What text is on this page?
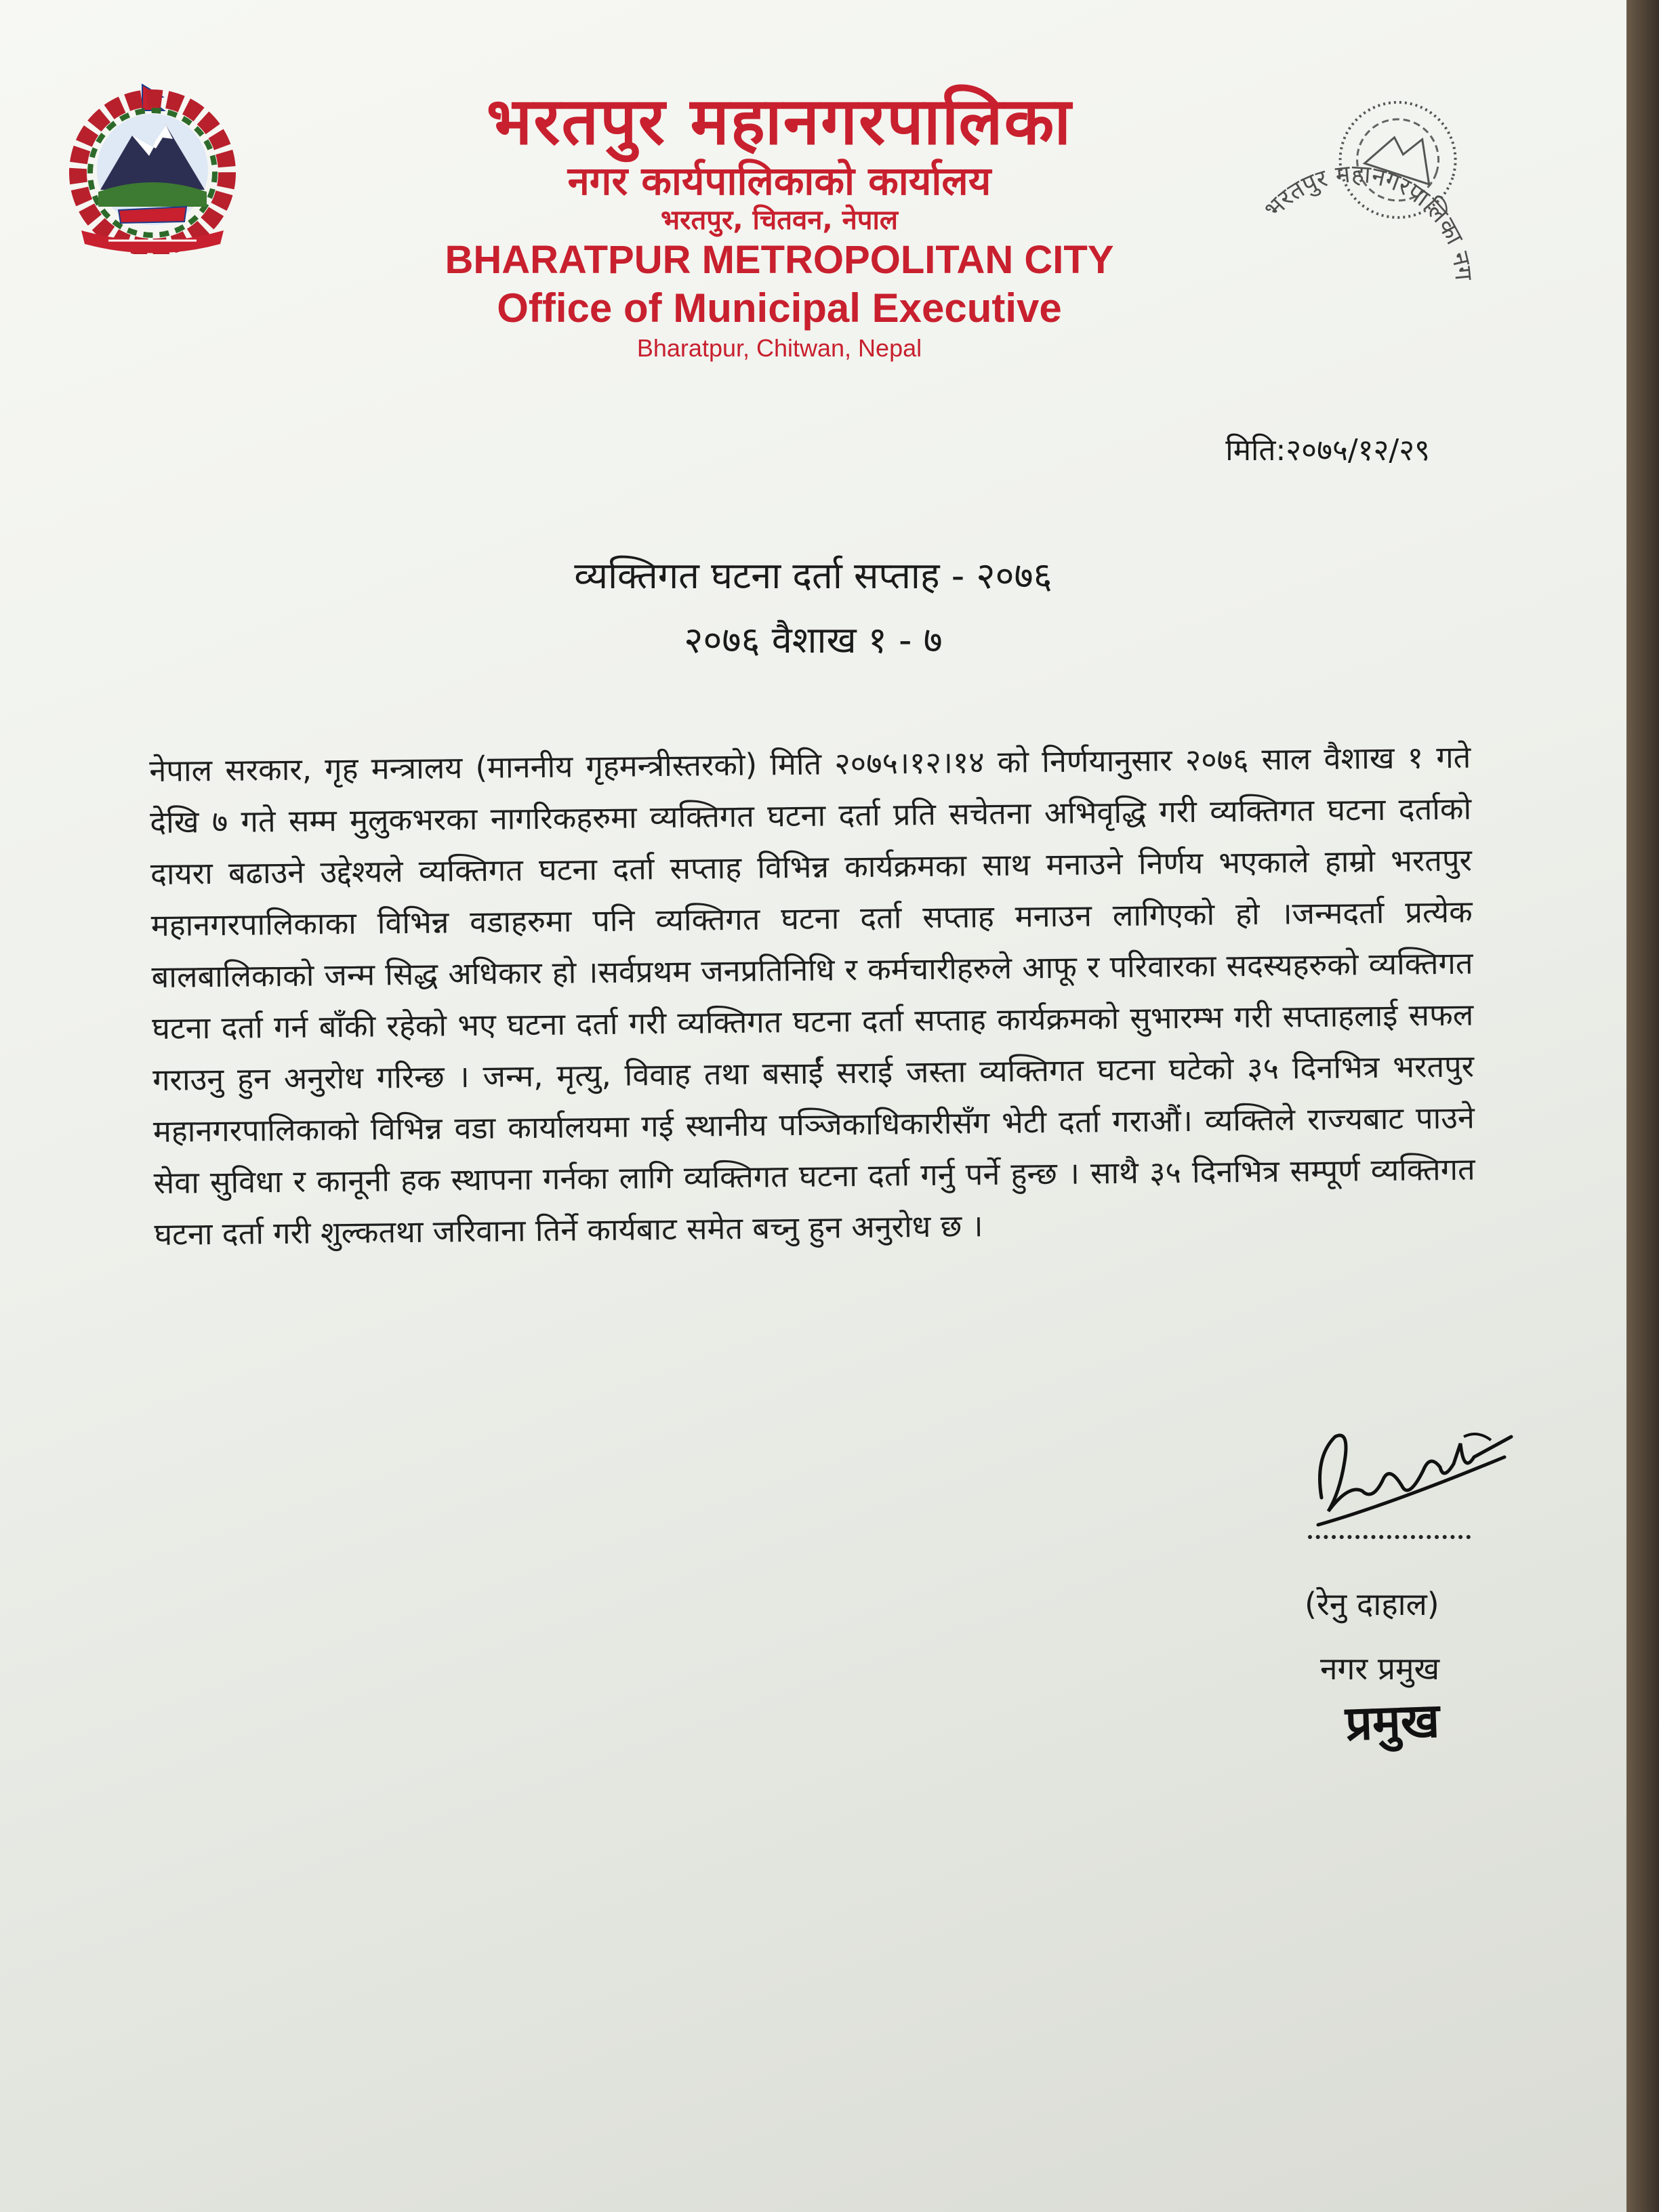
भरतपुर महानगरपालिका
नगर कार्यपालिकाको कार्यालय
भरतपुर, चितवन, नेपाल
BHARATPUR METROPOLITAN CITY
Office of Municipal Executive
Bharatpur, Chitwan, Nepal
भरतपुर महानगरपालिका नगर
मिति:२०७५/१२/२९
व्यक्तिगत घटना दर्ता सप्ताह - २०७६
२०७६ वैशाख १ - ७
नेपाल सरकार, गृह मन्त्रालय (माननीय गृहमन्त्रीस्तरको) मिति २०७५।१२।१४ को निर्णयानुसार २०७६ साल वैशाख १ गते देखि ७ गते सम्म मुलुकभरका नागरिकहरुमा व्यक्तिगत घटना दर्ता प्रति सचेतना अभिवृद्धि गरी व्यक्तिगत घटना दर्ताको दायरा बढाउने उद्देश्यले व्यक्तिगत घटना दर्ता सप्ताह विभिन्न कार्यक्रमका साथ मनाउने निर्णय भएकाले हाम्रो भरतपुर महानगरपालिकाका विभिन्न वडाहरुमा पनि व्यक्तिगत घटना दर्ता सप्ताह मनाउन लागिएको हो ।जन्मदर्ता प्रत्येक बालबालिकाको जन्म सिद्ध अधिकार हो ।सर्वप्रथम जनप्रतिनिधि र कर्मचारीहरुले आफू र परिवारका सदस्यहरुको व्यक्तिगत घटना दर्ता गर्न बाँकी रहेको भए घटना दर्ता गरी व्यक्तिगत घटना दर्ता सप्ताह कार्यक्रमको सुभारम्भ गरी सप्ताहलाई सफल गराउनु हुन अनुरोध गरिन्छ । जन्म, मृत्यु, विवाह तथा बसाईं सराई जस्ता व्यक्तिगत घटना घटेको ३५ दिनभित्र भरतपुर महानगरपालिकाको विभिन्न वडा कार्यालयमा गई स्थानीय पञ्जिकाधिकारीसँग भेटी दर्ता गराऔं। व्यक्तिले राज्यबाट पाउने सेवा सुविधा र कानूनी हक स्थापना गर्नका लागि व्यक्तिगत घटना दर्ता गर्नु पर्ने हुन्छ । साथै ३५ दिनभित्र सम्पूर्ण व्यक्तिगत घटना दर्ता गरी शुल्कतथा जरिवाना तिर्ने कार्यबाट समेत बच्नु हुन अनुरोध छ ।
(रेनु दाहाल)
नगर प्रमुख
प्रमुख
